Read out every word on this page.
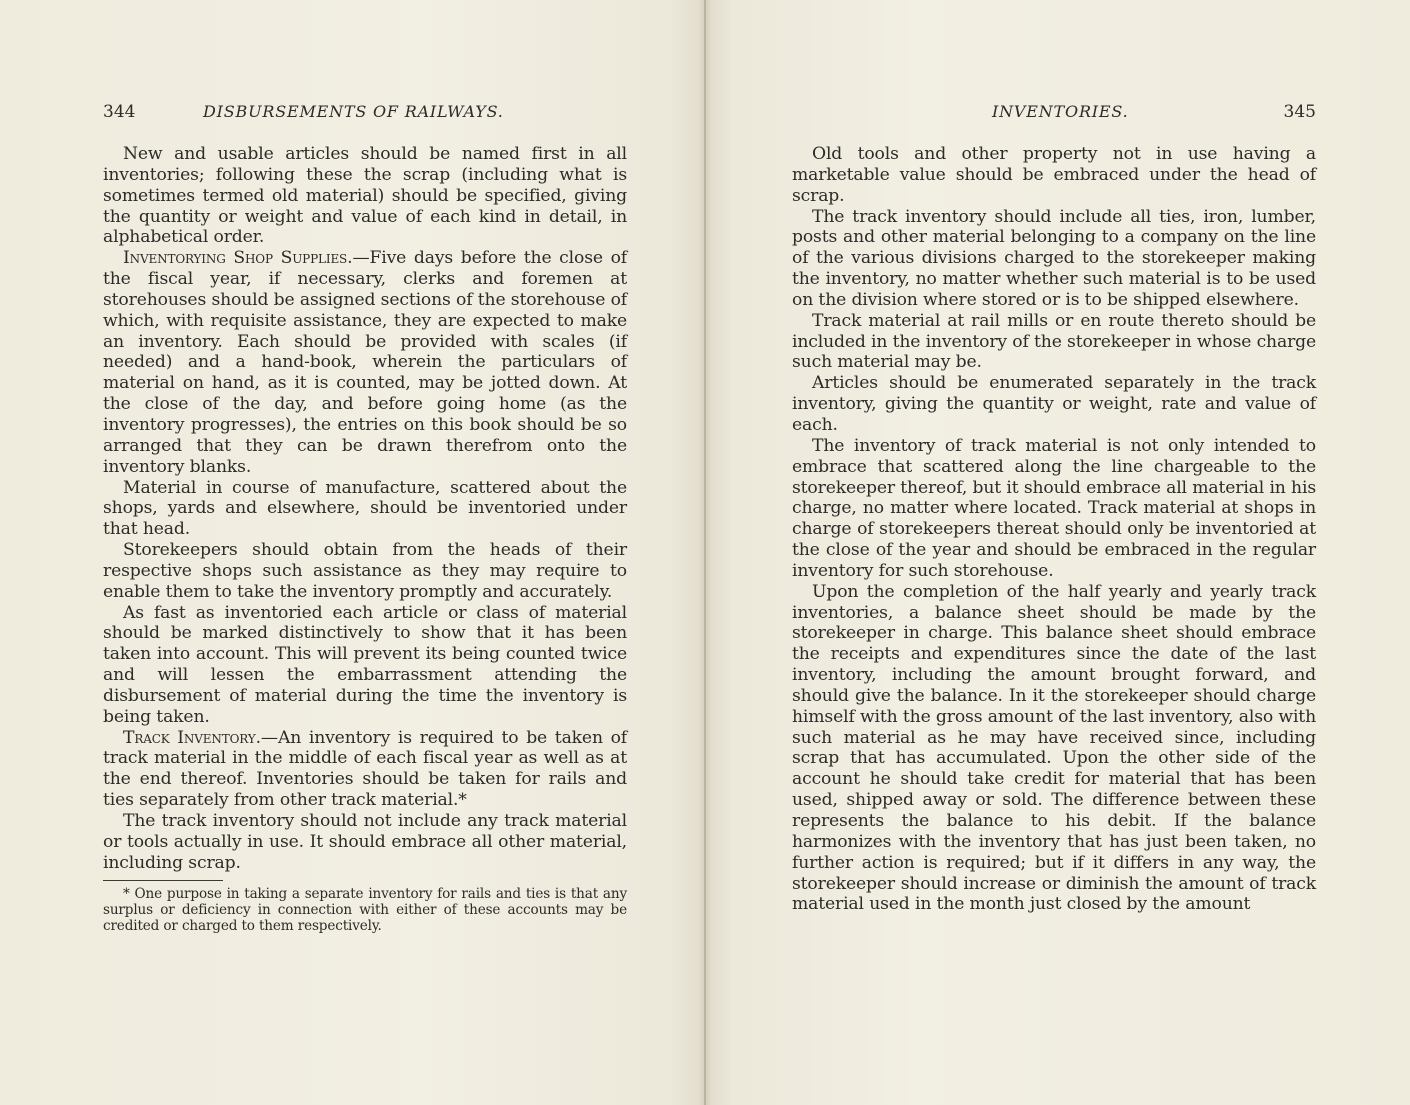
344	DISBURSEMENTS OF RAILWAYS.

New and usable articles should be named first in all inventories; following these the scrap (including what is sometimes termed old material) should be specified, giving the quantity or weight and value of each kind in detail, in alphabetical order.

Inventorying Shop Supplies.—Five days before the close of the fiscal year, if necessary, clerks and foremen at storehouses should be assigned sections of the storehouse of which, with requisite assistance, they are expected to make an inventory. Each should be provided with scales (if needed) and a hand-book, wherein the particulars of material on hand, as it is counted, may be jotted down. At the close of the day, and before going home (as the inventory progresses), the entries on this book should be so arranged that they can be drawn therefrom onto the inventory blanks.

Material in course of manufacture, scattered about the shops, yards and elsewhere, should be inventoried under that head.

Storekeepers should obtain from the heads of their respective shops such assistance as they may require to enable them to take the inventory promptly and accurately.

As fast as inventoried each article or class of material should be marked distinctively to show that it has been taken into account. This will prevent its being counted twice and will lessen the embarrassment attending the disbursement of material during the time the inventory is being taken.

Track Inventory.—An inventory is required to be taken of track material in the middle of each fiscal year as well as at the end thereof. Inventories should be taken for rails and ties separately from other track material.*

The track inventory should not include any track material or tools actually in use. It should embrace all other material, including scrap.

* One purpose in taking a separate inventory for rails and ties is that any surplus or deficiency in connection with either of these accounts may be credited or charged to them respectively.

INVENTORIES.	345

Old tools and other property not in use having a marketable value should be embraced under the head of scrap.

The track inventory should include all ties, iron, lumber, posts and other material belonging to a company on the line of the various divisions charged to the storekeeper making the inventory, no matter whether such material is to be used on the division where stored or is to be shipped elsewhere.

Track material at rail mills or en route thereto should be included in the inventory of the storekeeper in whose charge such material may be.

Articles should be enumerated separately in the track inventory, giving the quantity or weight, rate and value of each.

The inventory of track material is not only intended to embrace that scattered along the line chargeable to the storekeeper thereof, but it should embrace all material in his charge, no matter where located. Track material at shops in charge of storekeepers thereat should only be inventoried at the close of the year and should be embraced in the regular inventory for such storehouse.

Upon the completion of the half yearly and yearly track inventories, a balance sheet should be made by the storekeeper in charge. This balance sheet should embrace the receipts and expenditures since the date of the last inventory, including the amount brought forward, and should give the balance. In it the storekeeper should charge himself with the gross amount of the last inventory, also with such material as he may have received since, including scrap that has accumulated. Upon the other side of the account he should take credit for material that has been used, shipped away or sold. The difference between these represents the balance to his debit. If the balance harmonizes with the inventory that has just been taken, no further action is required; but if it differs in any way, the storekeeper should increase or diminish the amount of track material used in the month just closed by the amount
